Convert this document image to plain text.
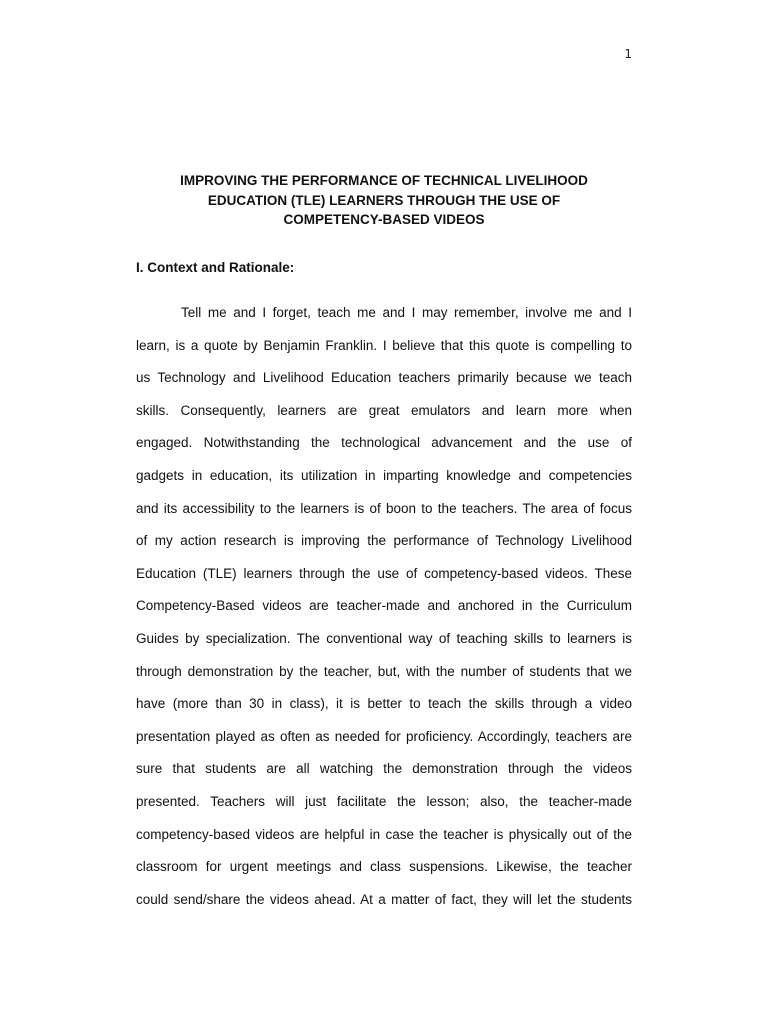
1
IMPROVING THE PERFORMANCE OF TECHNICAL LIVELIHOOD
EDUCATION (TLE) LEARNERS THROUGH THE USE OF
COMPETENCY-BASED VIDEOS
I. Context and Rationale:
Tell me and I forget, teach me and I may remember, involve me and I
learn, is a quote by Benjamin Franklin. I believe that this quote is compelling to
us Technology and Livelihood Education teachers primarily because we teach
skills. Consequently, learners are great emulators and learn more when
engaged. Notwithstanding the technological advancement and the use of
gadgets in education, its utilization in imparting knowledge and competencies
and its accessibility to the learners is of boon to the teachers. The area of focus
of my action research is improving the performance of Technology Livelihood
Education (TLE) learners through the use of competency-based videos. These
Competency-Based videos are teacher-made and anchored in the Curriculum
Guides by specialization. The conventional way of teaching skills to learners is
through demonstration by the teacher, but, with the number of students that we
have (more than 30 in class), it is better to teach the skills through a video
presentation played as often as needed for proficiency. Accordingly, teachers are
sure that students are all watching the demonstration through the videos
presented. Teachers will just facilitate the lesson; also, the teacher-made
competency-based videos are helpful in case the teacher is physically out of the
classroom for urgent meetings and class suspensions. Likewise, the teacher
could send/share the videos ahead. At a matter of fact, they will let the students
